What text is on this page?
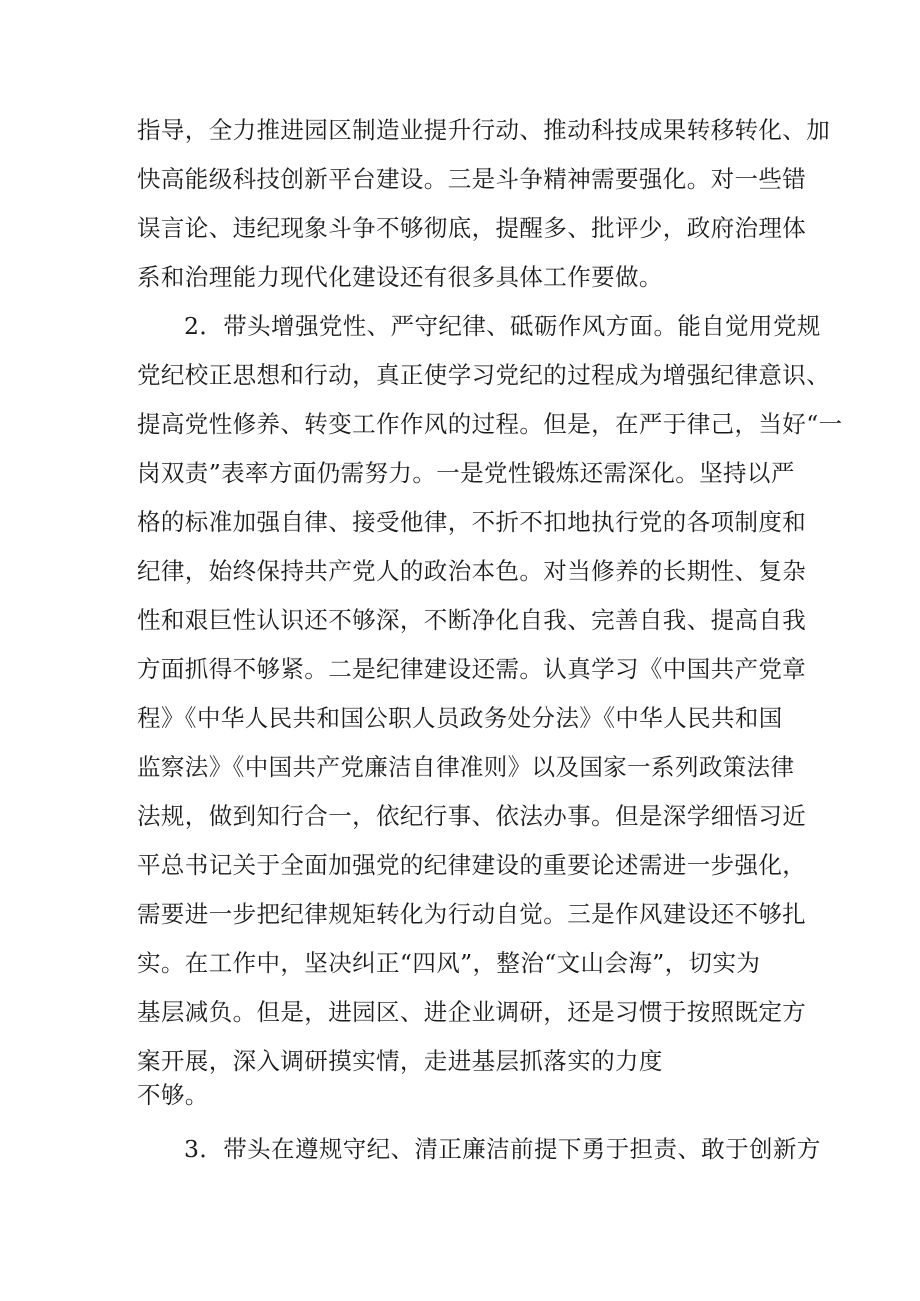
指导，全力推进园区制造业提升行动、推动科技成果转移转化、加
快高能级科技创新平台建设。三是斗争精神需要强化。对一些错
误言论、违纪现象斗争不够彻底，提醒多、批评少，政府治理体
系和治理能力现代化建设还有很多具体工作要做。
2．带头增强党性、严守纪律、砥砺作风方面。能自觉用党规
党纪校正思想和行动，真正使学习党纪的过程成为增强纪律意识、
提高党性修养、转变工作作风的过程。但是，在严于律己，当好“一
岗双责”表率方面仍需努力。一是党性锻炼还需深化。坚持以严
格的标准加强自律、接受他律，不折不扣地执行党的各项制度和
纪律，始终保持共产党人的政治本色。对当修养的长期性、复杂
性和艰巨性认识还不够深，不断净化自我、完善自我、提高自我
方面抓得不够紧。二是纪律建设还需。认真学习《中国共产党章
程》《中华人民共和国公职人员政务处分法》《中华人民共和国
监察法》《中国共产党廉洁自律准则》以及国家一系列政策法律
法规，做到知行合一，依纪行事、依法办事。但是深学细悟习近
平总书记关于全面加强党的纪律建设的重要论述需进一步强化，
需要进一步把纪律规矩转化为行动自觉。三是作风建设还不够扎
实。在工作中，坚决纠正“四风”，整治“文山会海”，切实为
基层减负。但是，进园区、进企业调研，还是习惯于按照既定方
案开展，深入调研摸实情，走进基层抓落实的力度
不够。
3．带头在遵规守纪、清正廉洁前提下勇于担责、敢于创新方
